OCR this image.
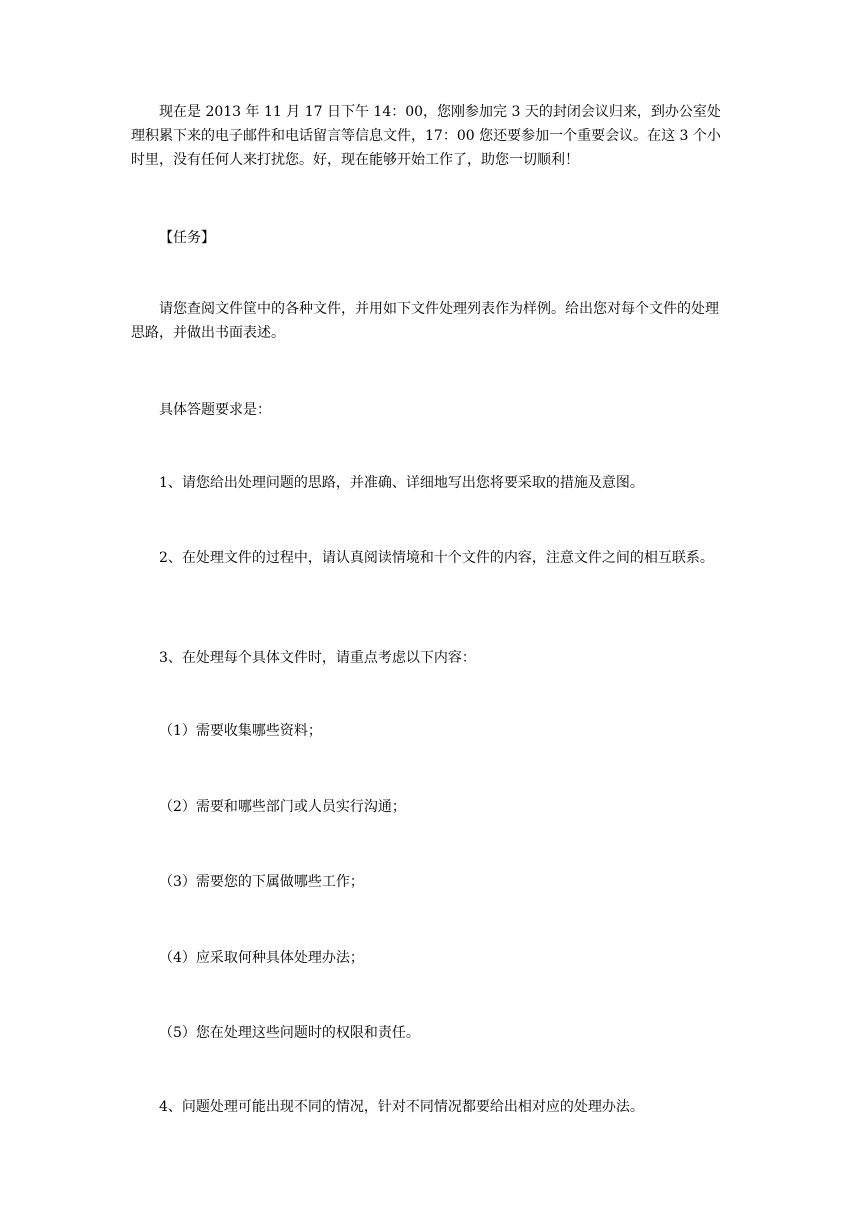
现在是 2013 年 11 月 17 日下午 14：00，您刚参加完 3 天的封闭会议归来，到办公室处理积累下来的电子邮件和电话留言等信息文件，17：00 您还要参加一个重要会议。在这 3 个小时里，没有任何人来打扰您。好，现在能够开始工作了，助您一切顺利！

【任务】

请您查阅文件筐中的各种文件，并用如下文件处理列表作为样例。给出您对每个文件的处理思路，并做出书面表述。

具体答题要求是：

1、请您给出处理问题的思路，并准确、详细地写出您将要采取的措施及意图。

2、在处理文件的过程中，请认真阅读情境和十个文件的内容，注意文件之间的相互联系。

3、在处理每个具体文件时，请重点考虑以下内容：

（1）需要收集哪些资料；

（2）需要和哪些部门或人员实行沟通；

（3）需要您的下属做哪些工作；

（4）应采取何种具体处理办法；

（5）您在处理这些问题时的权限和责任。

4、问题处理可能出现不同的情况，针对不同情况都要给出相对应的处理办法。
